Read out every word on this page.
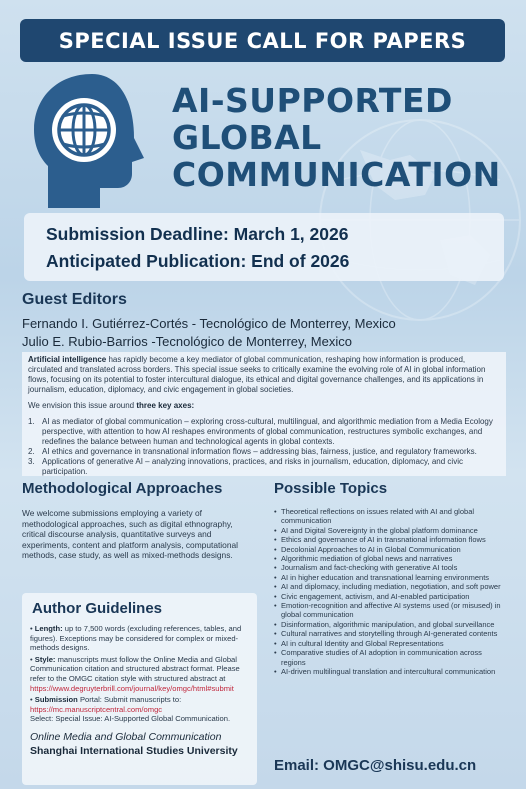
SPECIAL ISSUE CALL FOR PAPERS
AI-SUPPORTED
GLOBAL
COMMUNICATION
Submission Deadline: March 1, 2026
Anticipated Publication: End of 2026
Guest Editors
Fernando I. Gutiérrez-Cortés - Tecnológico de Monterrey, Mexico
Julio E. Rubio-Barrios -Tecnológico de Monterrey, Mexico

Artificial intelligence has rapidly become a key mediator of global communication, reshaping how information is produced, circulated and translated across borders. This special issue seeks to critically examine the evolving role of AI in global information flows, focusing on its potential to foster intercultural dialogue, its ethical and digital governance challenges, and its applications in journalism, education, diplomacy, and civic engagement in global societies.

We envision this issue around three key axes:

1. AI as mediator of global communication – exploring cross-cultural, multilingual, and algorithmic mediation from a Media Ecology perspective, with attention to how AI reshapes environments of global communication, restructures symbolic exchanges, and redefines the balance between human and technological agents in global contexts.
2. AI ethics and governance in transnational information flows – addressing bias, fairness, justice, and regulatory frameworks.
3. Applications of generative AI – analyzing innovations, practices, and risks in journalism, education, diplomacy, and civic participation.
Methodological Approaches
We welcome submissions employing a variety of methodological approaches, such as digital ethnography, critical discourse analysis, quantitative surveys and experiments, content and platform analysis, computational methods, case study, as well as mixed-methods designs.
Author Guidelines
• Length: up to 7,500 words (excluding references, tables, and figures). Exceptions may be considered for complex or mixed-methods designs.
• Style: manuscripts must follow the Online Media and Global Communication citation and structured abstract format. Please refer to the OMGC citation style with structured abstract at https://www.degruyterbrill.com/journal/key/omgc/html#submit
• Submission Portal: Submit manuscripts to:
https://mc.manuscriptcentral.com/omgc
Select: Special Issue: AI-Supported Global Communication.
Online Media and Global Communication
Shanghai International Studies University
Possible Topics
• Theoretical reflections on issues related with AI and global communication
• AI and Digital Sovereignty in the global platform dominance
• Ethics and governance of AI in transnational information flows
• Decolonial Approaches to AI in Global Communication
• Algorithmic mediation of global news and narratives
• Journalism and fact-checking with generative AI tools
• AI in higher education and transnational learning environments
• AI and diplomacy, including mediation, negotiation, and soft power
• Civic engagement, activism, and AI-enabled participation
• Emotion-recognition and affective AI systems used (or misused) in global communication
• Disinformation, algorithmic manipulation, and global surveillance
• Cultural narratives and storytelling through AI-generated contents
• AI in cultural Identity and Global Representations
• Comparative studies of AI adoption in communication across regions
• AI-driven multilingual translation and intercultural communication
Email: OMGC@shisu.edu.cn
